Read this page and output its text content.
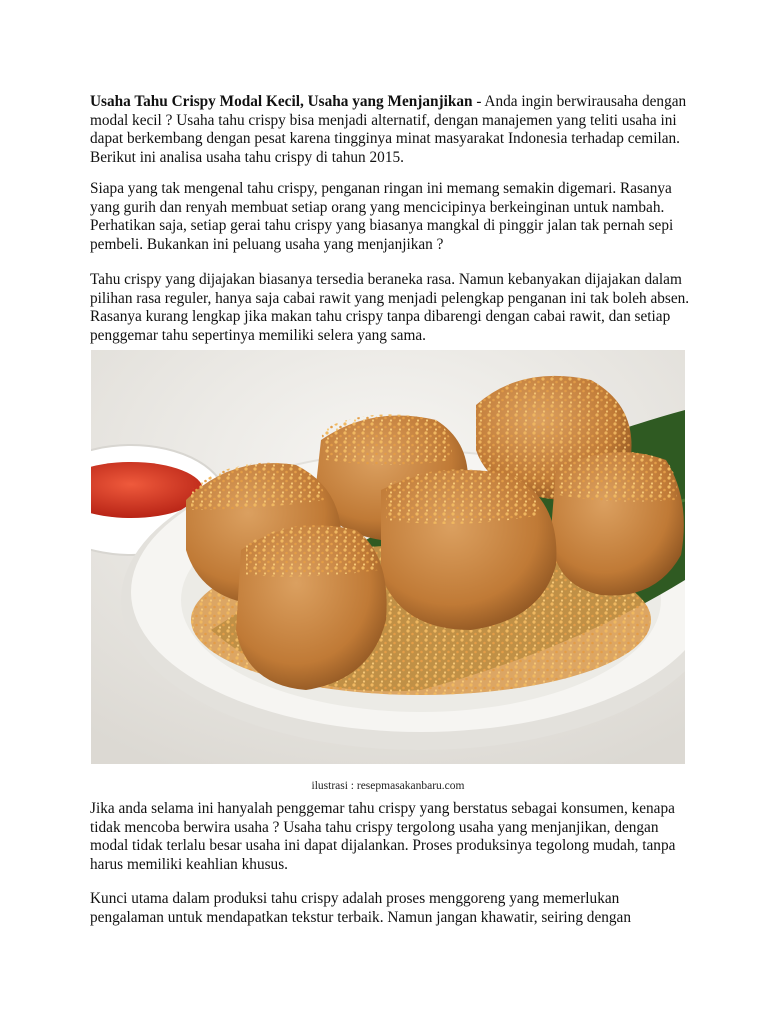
Usaha Tahu Crispy Modal Kecil, Usaha yang Menjanjikan - Anda ingin berwirausaha dengan modal kecil ? Usaha tahu crispy bisa menjadi alternatif, dengan manajemen yang teliti usaha ini dapat berkembang dengan pesat karena tingginya minat masyarakat Indonesia terhadap cemilan. Berikut ini analisa usaha tahu crispy di tahun 2015.

Siapa yang tak mengenal tahu crispy, penganan ringan ini memang semakin digemari. Rasanya yang gurih dan renyah membuat setiap orang yang mencicipinya berkeinginan untuk nambah. Perhatikan saja, setiap gerai tahu crispy yang biasanya mangkal di pinggir jalan tak pernah sepi pembeli. Bukankan ini peluang usaha yang menjanjikan ?

Tahu crispy yang dijajakan biasanya tersedia beraneka rasa. Namun kebanyakan dijajakan dalam pilihan rasa reguler, hanya saja cabai rawit yang menjadi pelengkap penganan ini tak boleh absen. Rasanya kurang lengkap jika makan tahu crispy tanpa dibarengi dengan cabai rawit, dan setiap penggemar tahu sepertinya memiliki selera yang sama.

ilustrasi : resepmasakanbaru.com

Jika anda selama ini hanyalah penggemar tahu crispy yang berstatus sebagai konsumen, kenapa tidak mencoba berwira usaha ? Usaha tahu crispy tergolong usaha yang menjanjikan, dengan modal tidak terlalu besar usaha ini dapat dijalankan. Proses produksinya tegolong mudah, tanpa harus memiliki keahlian khusus.

Kunci utama dalam produksi tahu crispy adalah proses menggoreng yang memerlukan pengalaman untuk mendapatkan tekstur terbaik. Namun jangan khawatir, seiring dengan
